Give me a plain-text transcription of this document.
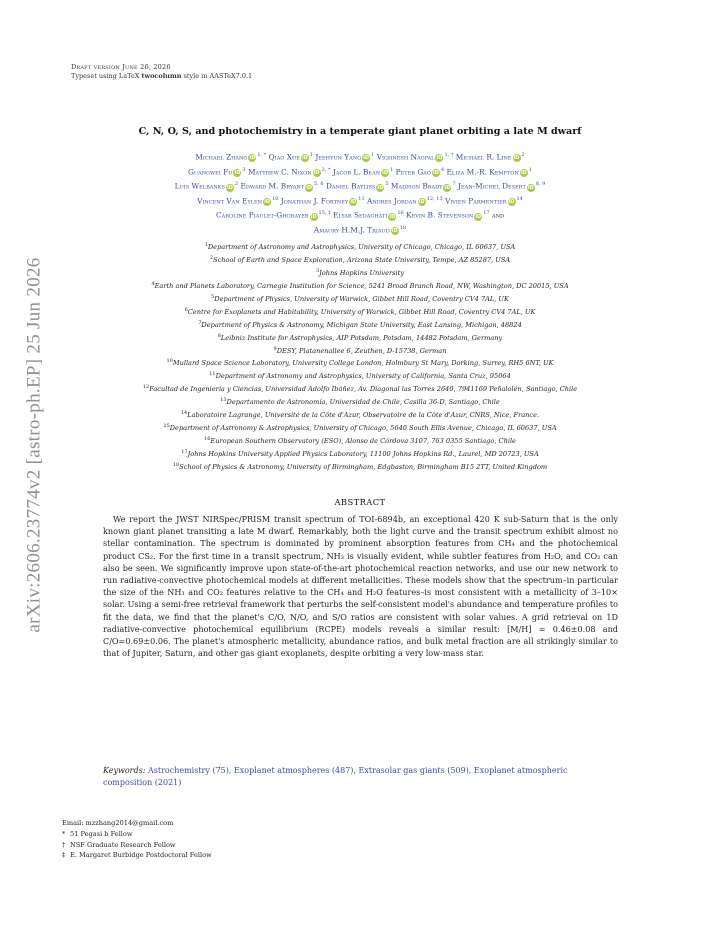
arXiv:2606.23774v2 [astro-ph.EP] 25 Jun 2026
Draft version June 26, 2026
Typeset using LaTeX twocolumn style in AASTeX7.0.1
C, N, O, S, and photochemistry in a temperate giant planet orbiting a late M dwarf
Michael Zhang $iD^{1, *}$ Qiao Xue $iD^1$ Jeehyun Yang $iD^1$ Vighnesh Nagpal $iD^{1, \dagger}$ Michael R. Line $iD^2$
Guangwei Fu $iD^3$ Matthew C. Nixon $iD^{2, *}$ Jacob L. Bean $iD^1$ Peter Gao $iD^4$ Eliza M.-R. Kempton $iD^1$
Luis Welbanks $iD^2$ Edward M. Bryant iD$^{5, 6}$ Daniel Bayliss $iD^5$ Madison Brady $iD^7$ Jean-Michel Désert iD$^{8, 9}$
Vincent Van Eylen $iD^{10}$ Jonathan J. Fortney $iD^{11}$ Andrés Jordán iD$^{12, 13}$ Vivien Parmentier $iD^{14}$
Caroline Piaulet-Ghorayeb $iD^{15, \ddagger}$ Elyar Sedaghati $iD^{16}$ Kevin B. Stevenson $iD^{17}$ and
Amaury H.M.J. Triaud $iD^{18}$
$^1$Department of Astronomy and Astrophysics, University of Chicago, Chicago, IL 60637, USA
$^2$School of Earth and Space Exploration, Arizona State University, Tempe, AZ 85287, USA
$^3$Johns Hopkins University
$^4$Earth and Planets Laboratory, Carnegie Institution for Science, 5241 Broad Branch Road, NW, Washington, DC 20015, USA
$^5$Department of Physics, University of Warwick, Gibbet Hill Road, Coventry CV4 7AL, UK
$^6$Centre for Exoplanets and Habitability, University of Warwick, Gibbet Hill Road, Coventry CV4 7AL, UK
$^7$Department of Physics & Astronomy, Michigan State University, East Lansing, Michigan, 48824
$^8$Leibniz Institute for Astrophysics, AIP Potsdam, Potsdam, 14482 Potsdam, Germany
$^9$DESY, Platanenallee 6, Zeuthen, D-15738, German
$^{10}$Mullard Space Science Laboratory, University College London, Holmbury St Mary, Dorking, Surrey, RH5 6NT, UK
$^{11}$Department of Astronomy and Astrophysics, University of California, Santa Cruz, 95064
$^{12}$Facultad de Ingeniería y Ciencias, Universidad Adolfo Ibáñez, Av. Diagonal las Torres 2640, 7941169 Peñalolén, Santiago, Chile
$^{13}$Departamento de Astronomía, Universidad de Chile, Casilla 36-D, Santiago, Chile
$^{14}$Laboratoire Lagrange, Université de la Côte d'Azur, Observatoire de la Côte d'Azur, CNRS, Nice, France.
$^{15}$Department of Astronomy & Astrophysics, University of Chicago, 5640 South Ellis Avenue, Chicago, IL 60637, USA
$^{16}$European Southern Observatory (ESO), Alonso de Córdova 3107, 763 0355 Santiago, Chile
$^{17}$Johns Hopkins University Applied Physics Laboratory, 11100 Johns Hopkins Rd., Laurel, MD 20723, USA
$^{18}$School of Physics & Astronomy, University of Birmingham, Edgbaston, Birmingham B15 2TT, United Kingdom
ABSTRACT
We report the JWST NIRSpec/PRISM transit spectrum of TOI-6894b, an exceptional 420 K sub-Saturn that is the only known giant planet transiting a late M dwarf. Remarkably, both the light curve and the transit spectrum exhibit almost no stellar contamination. The spectrum is dominated by prominent absorption features from CH₄ and the photochemical product CS₂. For the first time in a transit spectrum, NH₃ is visually evident, while subtler features from H₂O, and CO₂ can also be seen. We significantly improve upon state-of-the-art photochemical reaction networks, and use our new network to run radiative-convective photochemical models at different metallicities. These models show that the spectrum–in particular the size of the NH₃ and CO₂ features relative to the CH₄ and H₂O features–is most consistent with a metallicity of 3–10× solar. Using a semi-free retrieval framework that perturbs the self-consistent model's abundance and temperature profiles to fit the data, we find that the planet's C/O, N/O, and S/O ratios are consistent with solar values. A grid retrieval on 1D radiative-convective photochemical equilibrium (RCPE) models reveals a similar result: [M/H] = 0.46±0.08 and C/O=0.69±0.06. The planet's atmospheric metallicity, abundance ratios, and bulk metal fraction are all strikingly similar to that of Jupiter, Saturn, and other gas giant exoplanets, despite orbiting a very low-mass star.
Keywords: Astrochemistry (75), Exoplanet atmospheres (487), Extrasolar gas giants (509), Exoplanet atmospheric composition (2021)
Email: mzzhang2014@gmail.com
* 51 Pegasi b Fellow
† NSF Graduate Research Fellow
‡ E. Margaret Burbidge Postdoctoral Fellow
